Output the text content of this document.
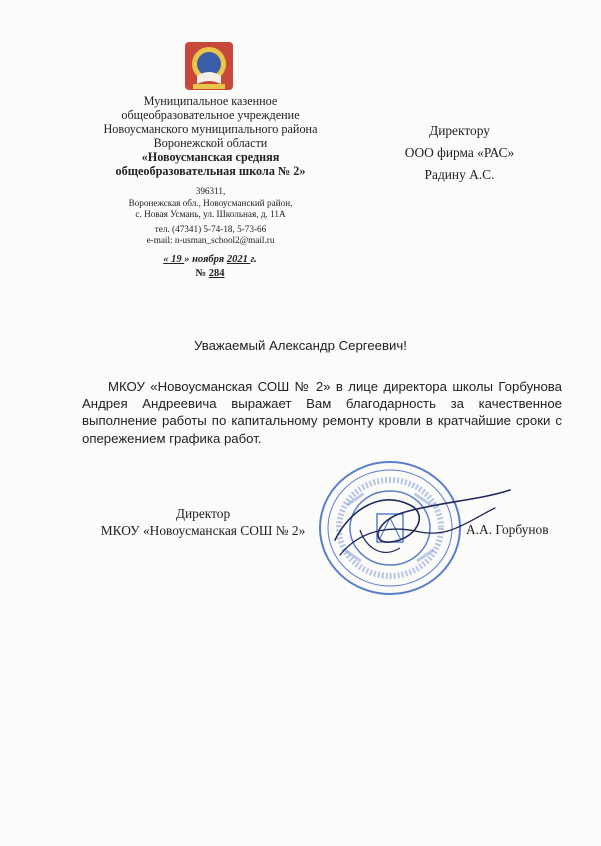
Муниципальное казенное
общеобразовательное учреждение
Новоусманского муниципального района
Воронежской области
«Новоусманская средняя
общеобразовательная школа № 2»
396311,
Воронежская обл., Новоусманский район,
с. Новая Усмань, ул. Школьная, д. 11А
тел. (47341) 5-74-18, 5-73-66
e-mail: n-usman_school2@mail.ru
« 19 » ноября 2021 г.
№ 284
Директору
ООО фирма «РАС»
Радину А.С.
Уважаемый Александр Сергеевич!
МКОУ «Новоусманская СОШ № 2» в лице директора школы Горбунова Андрея Андреевича выражает Вам благодарность за качественное выполнение работы по капитальному ремонту кровли в кратчайшие сроки с опережением графика работ.
Директор
МКОУ «Новоусманская СОШ № 2»	А.А. Горбунов
